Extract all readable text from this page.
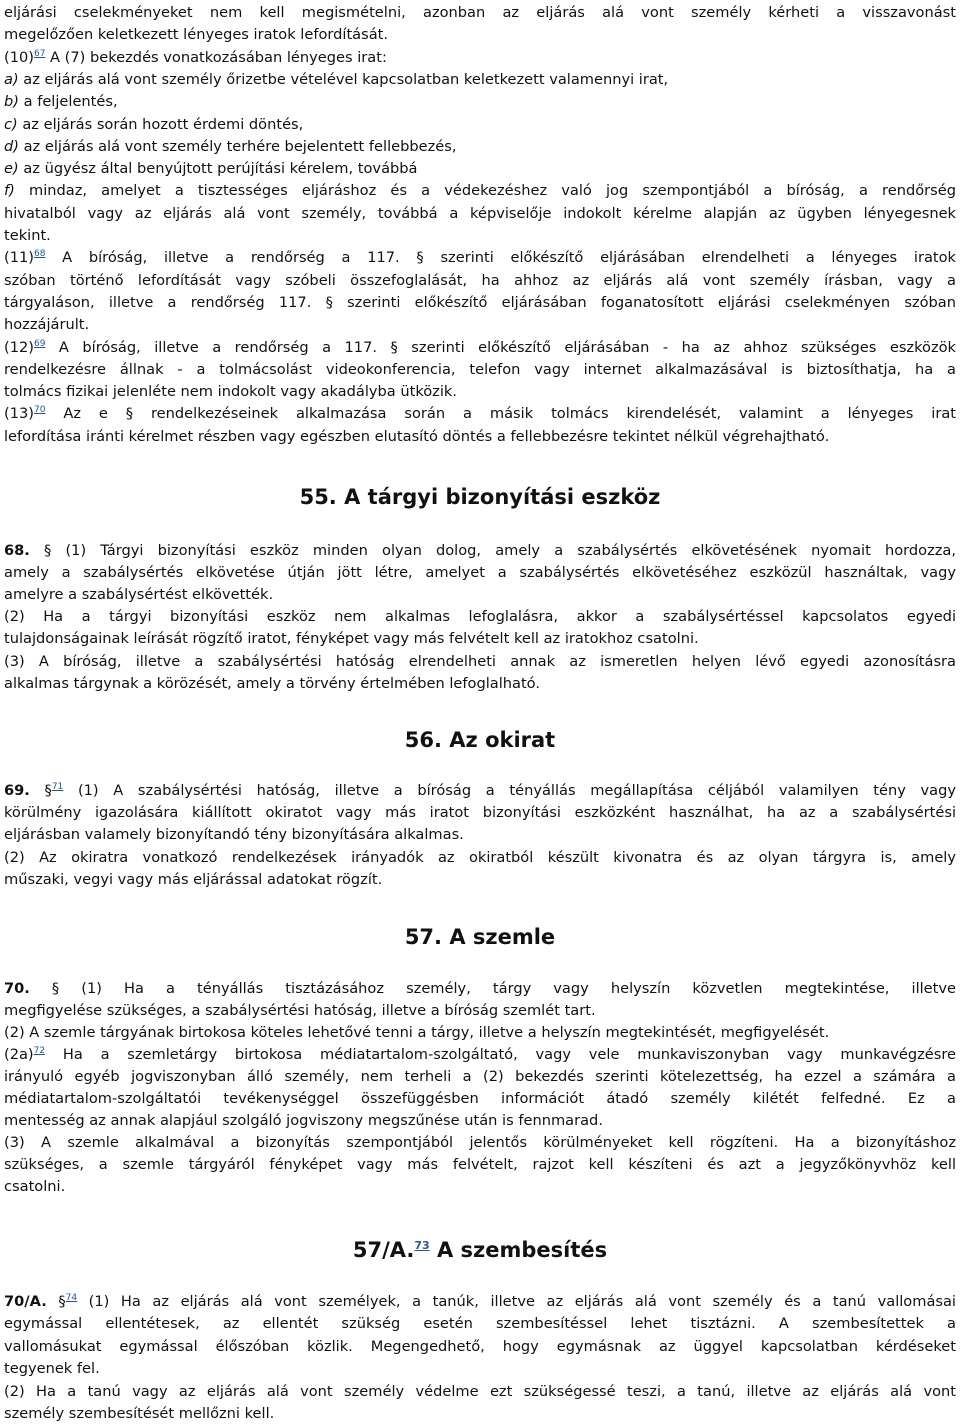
eljárási cselekményeket nem kell megismételni, azonban az eljárás alá vont személy kérheti a visszavonást
megelőzően keletkezett lényeges iratok lefordítását.
(10)$^{67}$ A (7) bekezdés vonatkozásában lényeges irat:
a) az eljárás alá vont személy őrizetbe vételével kapcsolatban keletkezett valamennyi irat,
b) a feljelentés,
c) az eljárás során hozott érdemi döntés,
d) az eljárás alá vont személy terhére bejelentett fellebbezés,
e) az ügyész által benyújtott perújítási kérelem, továbbá
f) mindaz, amelyet a tisztességes eljáráshoz és a védekezéshez való jog szempontjából a bíróság, a rendőrség
hivatalból vagy az eljárás alá vont személy, továbbá a képviselője indokolt kérelme alapján az ügyben lényegesnek
tekint.
(11)$^{68}$ A bíróság, illetve a rendőrség a 117. § szerinti előkészítő eljárásában elrendelheti a lényeges iratok
szóban történő lefordítását vagy szóbeli összefoglalását, ha ahhoz az eljárás alá vont személy írásban, vagy a
tárgyaláson, illetve a rendőrség 117. § szerinti előkészítő eljárásában foganatosított eljárási cselekményen szóban
hozzájárult.
(12)$^{69}$ A bíróság, illetve a rendőrség a 117. § szerinti előkészítő eljárásában - ha az ahhoz szükséges eszközök
rendelkezésre állnak - a tolmácsolást videokonferencia, telefon vagy internet alkalmazásával is biztosíthatja, ha a
tolmács fizikai jelenléte nem indokolt vagy akadályba ütközik.
(13)$^{70}$ Az e § rendelkezéseinek alkalmazása során a másik tolmács kirendelését, valamint a lényeges irat
lefordítása iránti kérelmet részben vagy egészben elutasító döntés a fellebbezésre tekintet nélkül végrehajtható.
55. A tárgyi bizonyítási eszköz
68. § (1) Tárgyi bizonyítási eszköz minden olyan dolog, amely a szabálysértés elkövetésének nyomait hordozza,
amely a szabálysértés elkövetése útján jött létre, amelyet a szabálysértés elkövetéséhez eszközül használtak, vagy
amelyre a szabálysértést elkövették.
(2) Ha a tárgyi bizonyítási eszköz nem alkalmas lefoglalásra, akkor a szabálysértéssel kapcsolatos egyedi
tulajdonságainak leírását rögzítő iratot, fényképet vagy más felvételt kell az iratokhoz csatolni.
(3) A bíróság, illetve a szabálysértési hatóság elrendelheti annak az ismeretlen helyen lévő egyedi azonosításra
alkalmas tárgynak a körözését, amely a törvény értelmében lefoglalható.
56. Az okirat
69. §$^{71}$ (1) A szabálysértési hatóság, illetve a bíróság a tényállás megállapítása céljából valamilyen tény vagy
körülmény igazolására kiállított okiratot vagy más iratot bizonyítási eszközként használhat, ha az a szabálysértési
eljárásban valamely bizonyítandó tény bizonyítására alkalmas.
(2) Az okiratra vonatkozó rendelkezések irányadók az okiratból készült kivonatra és az olyan tárgyra is, amely
műszaki, vegyi vagy más eljárással adatokat rögzít.
57. A szemle
70. § (1) Ha a tényállás tisztázásához személy, tárgy vagy helyszín közvetlen megtekintése, illetve
megfigyelése szükséges, a szabálysértési hatóság, illetve a bíróság szemlét tart.
(2) A szemle tárgyának birtokosa köteles lehetővé tenni a tárgy, illetve a helyszín megtekintését, megfigyelését.
(2a)$^{72}$ Ha a szemletárgy birtokosa médiatartalom-szolgáltató, vagy vele munkaviszonyban vagy munkavégzésre
irányuló egyéb jogviszonyban álló személy, nem terheli a (2) bekezdés szerinti kötelezettség, ha ezzel a számára a
médiatartalom-szolgáltatói tevékenységgel összefüggésben információt átadó személy kilétét felfedné. Ez a
mentesség az annak alapjául szolgáló jogviszony megszűnése után is fennmarad.
(3) A szemle alkalmával a bizonyítás szempontjából jelentős körülményeket kell rögzíteni. Ha a bizonyításhoz
szükséges, a szemle tárgyáról fényképet vagy más felvételt, rajzot kell készíteni és azt a jegyzőkönyvhöz kell
csatolni.
57/A.$^{73}$ A szembesítés
70/A. §$^{74}$ (1) Ha az eljárás alá vont személyek, a tanúk, illetve az eljárás alá vont személy és a tanú vallomásai
egymással ellentétesek, az ellentét szükség esetén szembesítéssel lehet tisztázni. A szembesítettek a
vallomásukat egymással élőszóban közlik. Megengedhető, hogy egymásnak az üggyel kapcsolatban kérdéseket
tegyenek fel.
(2) Ha a tanú vagy az eljárás alá vont személy védelme ezt szükségessé teszi, a tanú, illetve az eljárás alá vont
személy szembesítését mellőzni kell.
